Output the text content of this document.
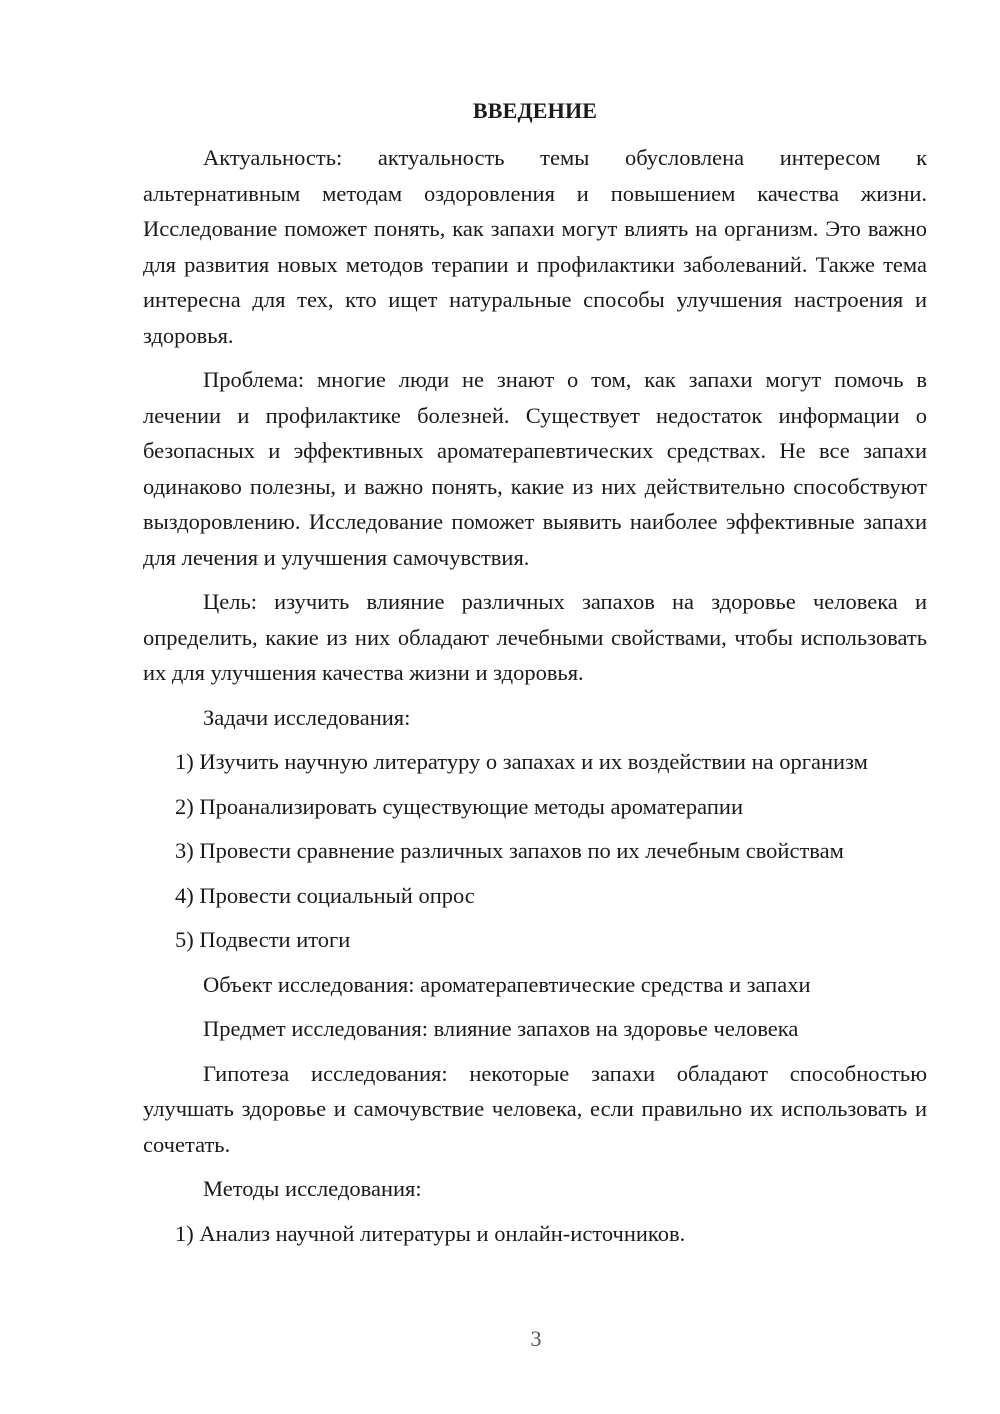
ВВЕДЕНИЕ

Актуальность: актуальность темы обусловлена интересом к альтернативным методам оздоровления и повышением качества жизни. Исследование поможет понять, как запахи могут влиять на организм. Это важно для развития новых методов терапии и профилактики заболеваний. Также тема интересна для тех, кто ищет натуральные способы улучшения настроения и здоровья.

Проблема: многие люди не знают о том, как запахи могут помочь в лечении и профилактике болезней. Существует недостаток информации о безопасных и эффективных ароматерапевтических средствах. Не все запахи одинаково полезны, и важно понять, какие из них действительно способствуют выздоровлению. Исследование поможет выявить наиболее эффективные запахи для лечения и улучшения самочувствия.

Цель: изучить влияние различных запахов на здоровье человека и определить, какие из них обладают лечебными свойствами, чтобы использовать их для улучшения качества жизни и здоровья.

Задачи исследования:
1) Изучить научную литературу о запахах и их воздействии на организм
2) Проанализировать существующие методы ароматерапии
3) Провести сравнение различных запахов по их лечебным свойствам
4) Провести социальный опрос
5) Подвести итоги
Объект исследования: ароматерапевтические средства и запахи
Предмет исследования: влияние запахов на здоровье человека

Гипотеза исследования: некоторые запахи обладают способностью улучшать здоровье и самочувствие человека, если правильно их использовать и сочетать.

Методы исследования:
1) Анализ научной литературы и онлайн-источников.
3
